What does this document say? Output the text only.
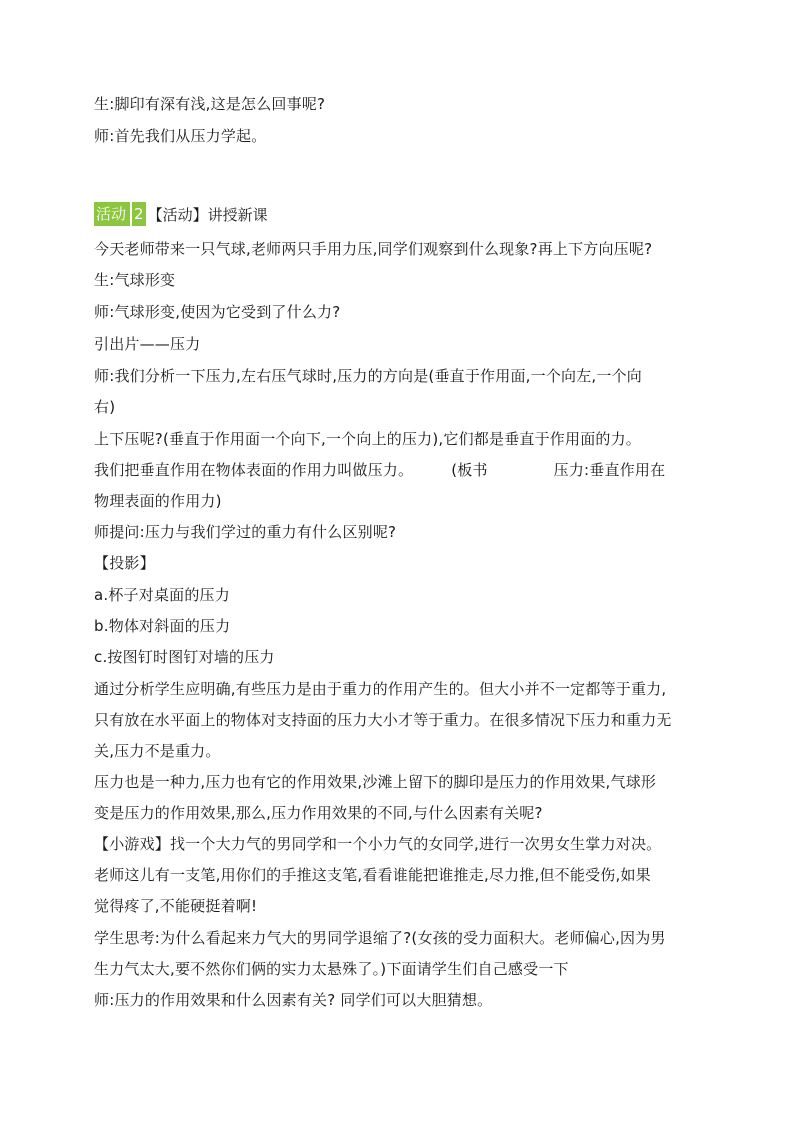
生:脚印有深有浅,这是怎么回事呢?
师:首先我们从压力学起。
活动 2 【活动】讲授新课
今天老师带来一只气球,老师两只手用力压,同学们观察到什么现象?再上下方向压呢?
生:气球形变
师:气球形变,使因为它受到了什么力?
引出片——压力
师:我们分析一下压力,左右压气球时,压力的方向是(垂直于作用面,一个向左,一个向
右)
上下压呢?(垂直于作用面一个向下,一个向上的压力),它们都是垂直于作用面的力。
我们把垂直作用在物体表面的作用力叫做压力。	(板书	压力:垂直作用在
物理表面的作用力)
师提问:压力与我们学过的重力有什么区别呢?
【投影】
a.杯子对桌面的压力
b.物体对斜面的压力
c.按图钉时图钉对墙的压力
通过分析学生应明确,有些压力是由于重力的作用产生的。但大小并不一定都等于重力,
只有放在水平面上的物体对支持面的压力大小才等于重力。在很多情况下压力和重力无
关,压力不是重力。
压力也是一种力,压力也有它的作用效果,沙滩上留下的脚印是压力的作用效果,气球形
变是压力的作用效果,那么,压力作用效果的不同,与什么因素有关呢?
【小游戏】找一个大力气的男同学和一个小力气的女同学,进行一次男女生掌力对决。
老师这儿有一支笔,用你们的手推这支笔,看看谁能把谁推走,尽力推,但不能受伤,如果
觉得疼了,不能硬挺着啊!
学生思考:为什么看起来力气大的男同学退缩了?(女孩的受力面积大。老师偏心,因为男
生力气太大,要不然你们俩的实力太悬殊了。)下面请学生们自己感受一下
师:压力的作用效果和什么因素有关? 同学们可以大胆猜想。
